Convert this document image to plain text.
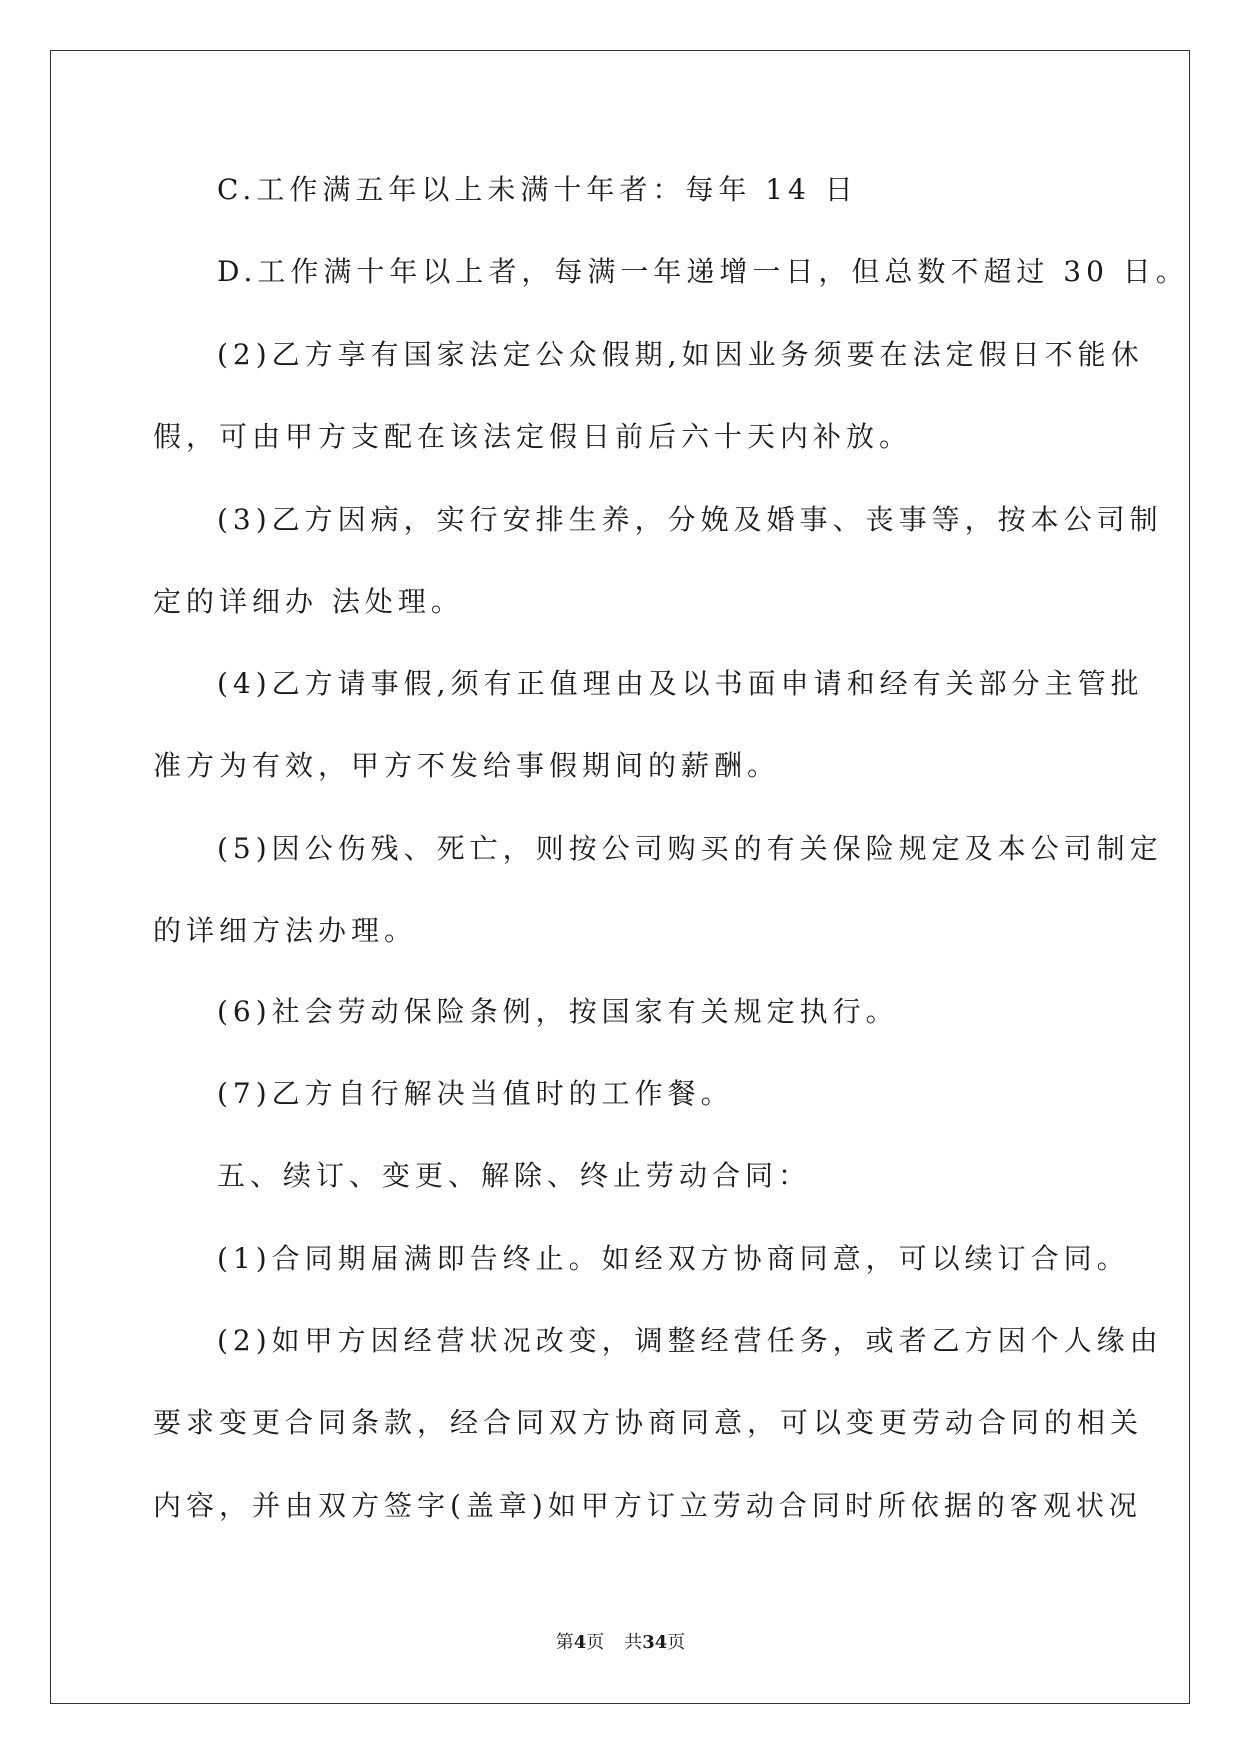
C.工作满五年以上未满十年者：每年 14 日
D.工作满十年以上者，每满一年递增一日，但总数不超过 30 日。
(2)乙方享有国家法定公众假期,如因业务须要在法定假日不能休
假，可由甲方支配在该法定假日前后六十天内补放。
(3)乙方因病，实行安排生养，分娩及婚事、丧事等，按本公司制
定的详细办 法处理。
(4)乙方请事假,须有正值理由及以书面申请和经有关部分主管批
准方为有效，甲方不发给事假期间的薪酬。
(5)因公伤残、死亡，则按公司购买的有关保险规定及本公司制定
的详细方法办理。
(6)社会劳动保险条例，按国家有关规定执行。
(7)乙方自行解决当值时的工作餐。
五、续订、变更、解除、终止劳动合同：
(1)合同期届满即告终止。如经双方协商同意，可以续订合同。
(2)如甲方因经营状况改变，调整经营任务，或者乙方因个人缘由
要求变更合同条款，经合同双方协商同意，可以变更劳动合同的相关
内容，并由双方签字(盖章)如甲方订立劳动合同时所依据的客观状况
第4页 共34页
